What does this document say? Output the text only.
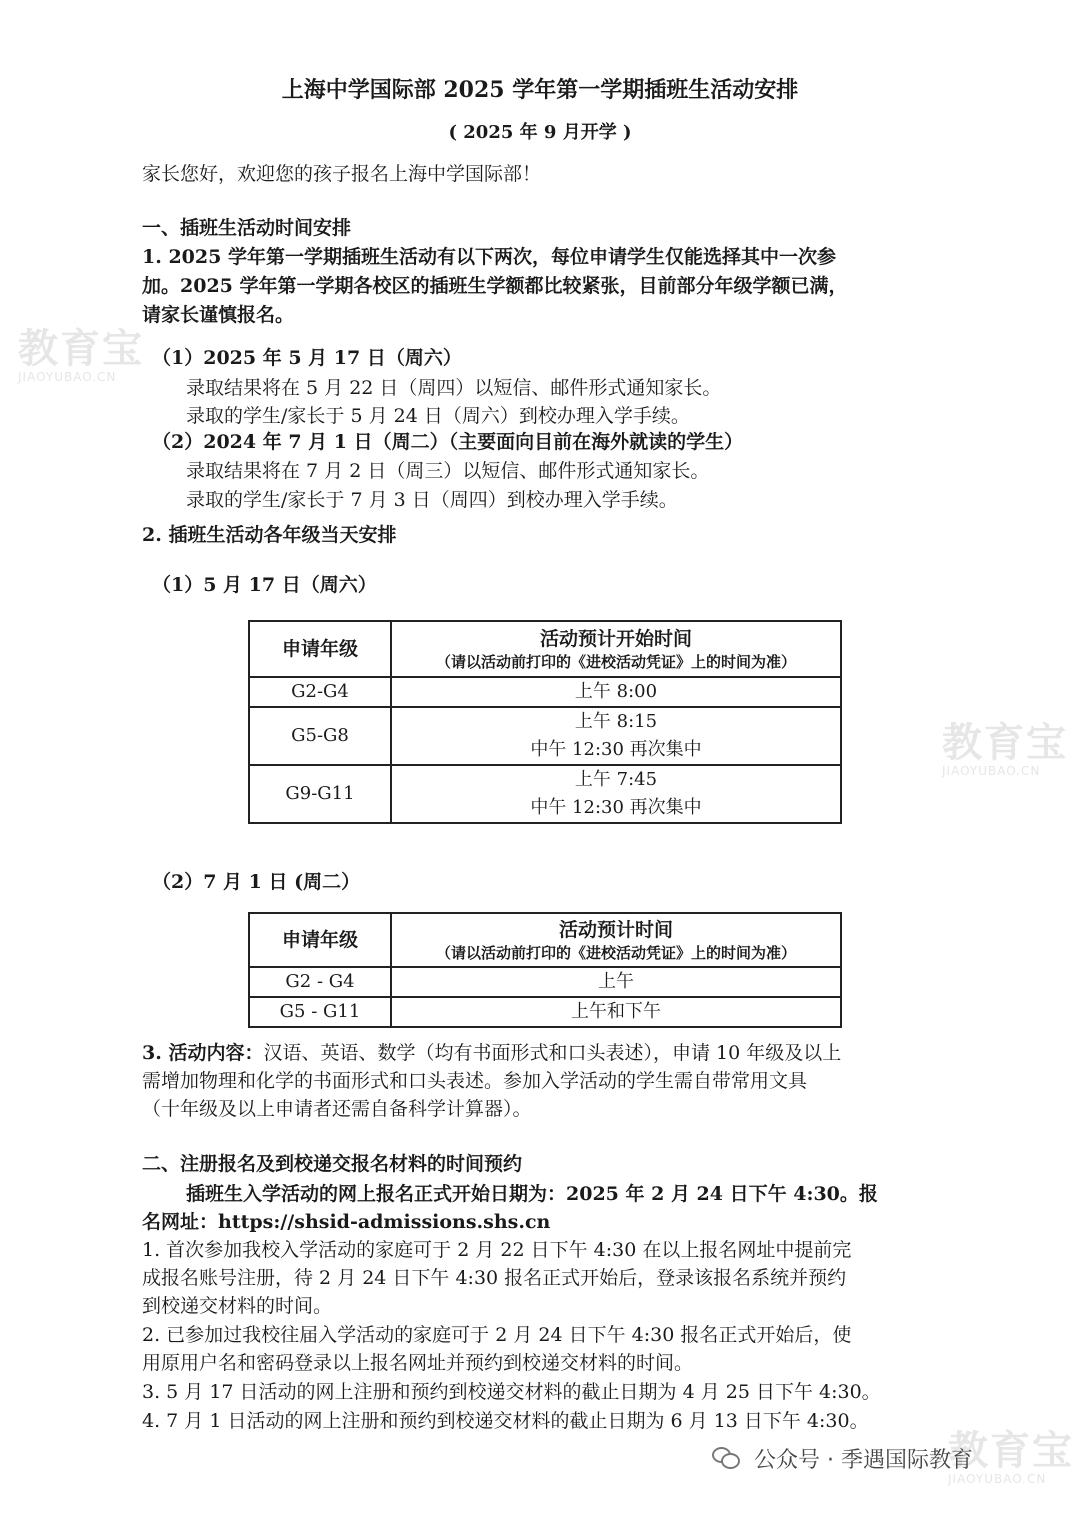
上海中学国际部 2025 学年第一学期插班生活动安排
( 2025 年 9 月开学 )
家长您好，欢迎您的孩子报名上海中学国际部！
一、插班生活动时间安排
1. 2025 学年第一学期插班生活动有以下两次，每位申请学生仅能选择其中一次参
加。2025 学年第一学期各校区的插班生学额都比较紧张，目前部分年级学额已满，
请家长谨慎报名。
（1）2025 年 5 月 17 日（周六）
录取结果将在 5 月 22 日（周四）以短信、邮件形式通知家长。
录取的学生/家长于 5 月 24 日（周六）到校办理入学手续。
（2）2024 年 7 月 1 日（周二）（主要面向目前在海外就读的学生）
录取结果将在 7 月 2 日（周三）以短信、邮件形式通知家长。
录取的学生/家长于 7 月 3 日（周四）到校办理入学手续。
2. 插班生活动各年级当天安排
（1）5 月 17 日（周六）
申请年级	活动预计开始时间
（请以活动前打印的《进校活动凭证》上的时间为准）

G2-G4	上午 8:00
G5-G8	上午 8:15
中午 12:30 再次集中

G9-G11	上午 7:45
中午 12:30 再次集中
（2）7 月 1 日 (周二）
申请年级	活动预计时间
（请以活动前打印的《进校活动凭证》上的时间为准）

G2 - G4	上午
G5 - G11	上午和下午
3. 活动内容：汉语、英语、数学（均有书面形式和口头表述），申请 10 年级及以上
需增加物理和化学的书面形式和口头表述。参加入学活动的学生需自带常用文具
（十年级及以上申请者还需自备科学计算器）。
二、注册报名及到校递交报名材料的时间预约
插班生入学活动的网上报名正式开始日期为：2025 年 2 月 24 日下午 4:30。报
名网址：https://shsid-admissions.shs.cn
1. 首次参加我校入学活动的家庭可于 2 月 22 日下午 4:30 在以上报名网址中提前完
成报名账号注册，待 2 月 24 日下午 4:30 报名正式开始后，登录该报名系统并预约
到校递交材料的时间。
2. 已参加过我校往届入学活动的家庭可于 2 月 24 日下午 4:30 报名正式开始后，使
用原用户名和密码登录以上报名网址并预约到校递交材料的时间。
3. 5 月 17 日活动的网上注册和预约到校递交材料的截止日期为 4 月 25 日下午 4:30。
4. 7 月 1 日活动的网上注册和预约到校递交材料的截止日期为 6 月 13 日下午 4:30。
教育宝
JIAOYUBAO.CN
教育宝
JIAOYUBAO.CN
教育宝
JIAOYUBAO.CN
公众号 · 季遇国际教育
